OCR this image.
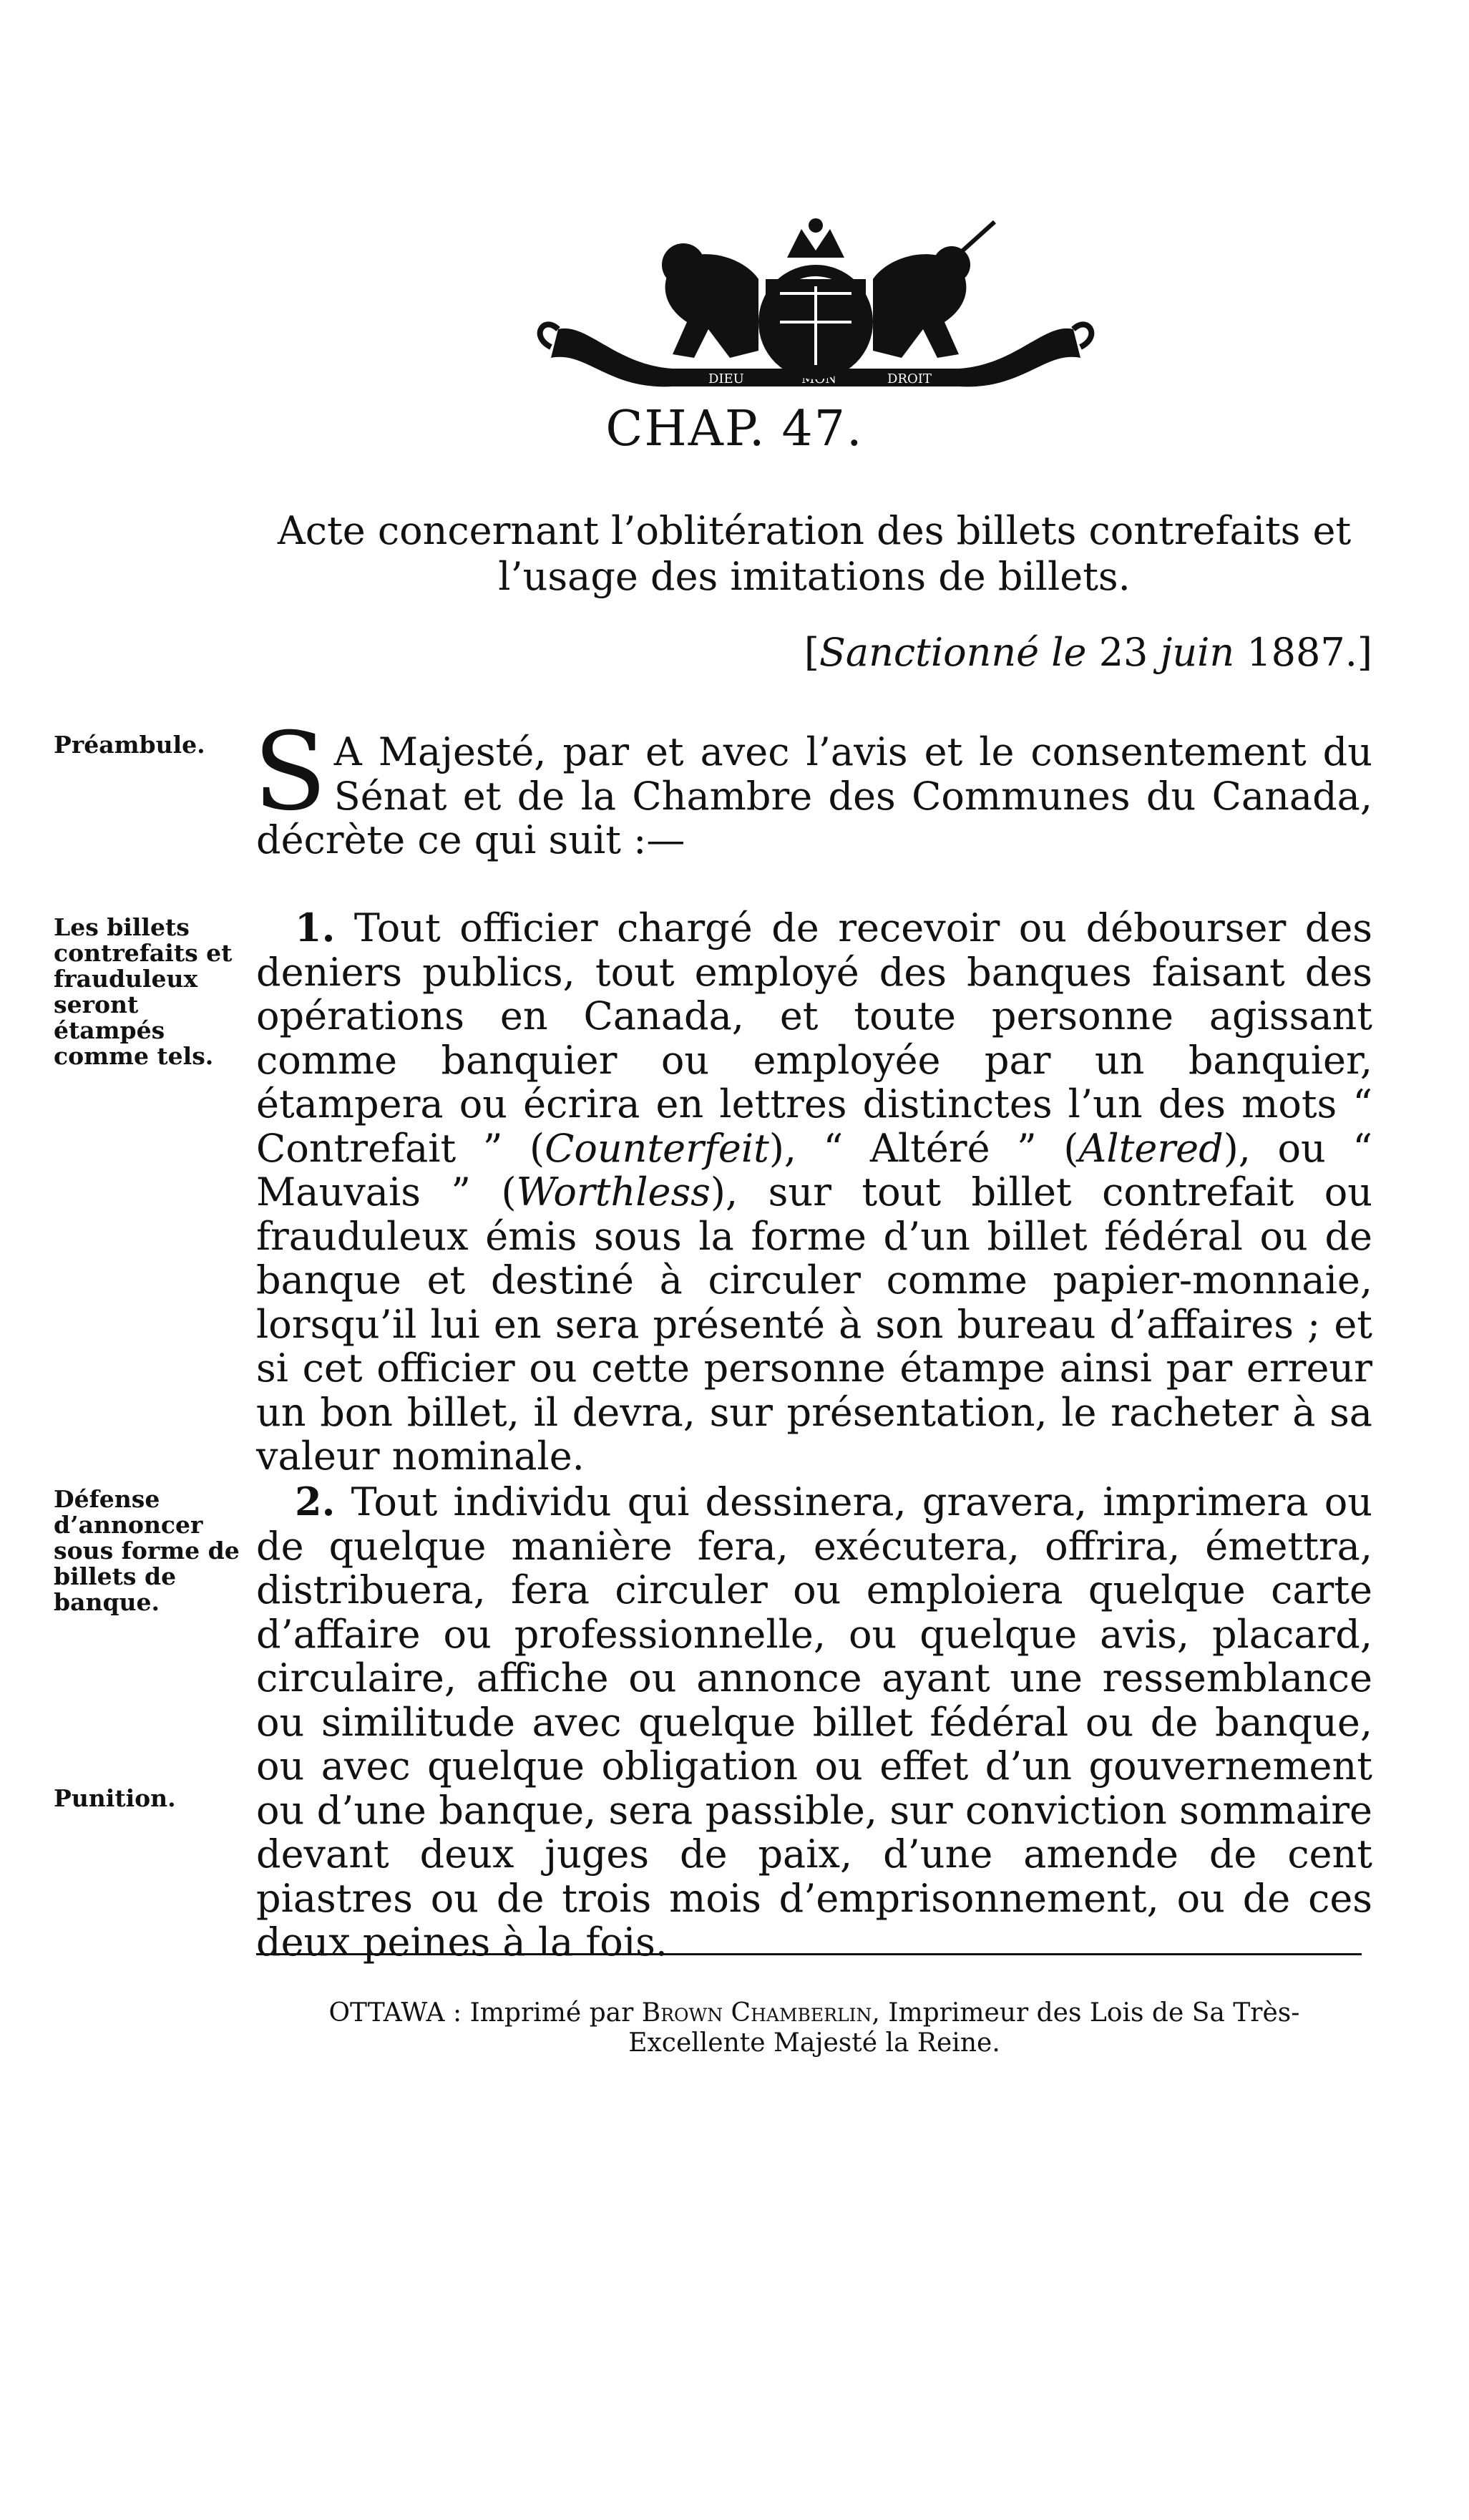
DIEU	MON	DROIT
CHAP. 47.
Acte concernant l’oblitération des billets contrefaits et
l’usage des imitations de billets.
[Sanctionné le 23 juin 1887.]
Préambule.
Les billets contrefaits et frauduleux seront étampés comme tels.
Défense d’annoncer sous forme de billets de banque.
Punition.
S A Majesté, par et avec l’avis et le consentement du Sénat et de la Chambre des Communes du Canada, décrète ce qui suit :—
1. Tout officier chargé de recevoir ou débourser des deniers publics, tout employé des banques faisant des opérations en Canada, et toute personne agissant comme banquier ou employée par un banquier, étampera ou écrira en lettres distinctes l’un des mots “ Contrefait ” (Counterfeit), “ Altéré ” (Altered), ou “ Mauvais ” (Worthless), sur tout billet contrefait ou frauduleux émis sous la forme d’un billet fédéral ou de banque et destiné à circuler comme papier-monnaie, lorsqu’il lui en sera présenté à son bureau d’affaires ; et si cet officier ou cette personne étampe ainsi par erreur un bon billet, il devra, sur présentation, le racheter à sa valeur nominale.
2. Tout individu qui dessinera, gravera, imprimera ou de quelque manière fera, exécutera, offrira, émettra, distribuera, fera circuler ou emploiera quelque carte d’affaire ou professionnelle, ou quelque avis, placard, circulaire, affiche ou annonce ayant une ressemblance ou similitude avec quelque billet fédéral ou de banque, ou avec quelque obligation ou effet d’un gouvernement ou d’une banque, sera passible, sur conviction sommaire devant deux juges de paix, d’une amende de cent piastres ou de trois mois d’emprisonnement, ou de ces deux peines à la fois.
OTTAWA : Imprimé par Brown Chamberlin, Imprimeur des Lois de Sa Très-
Excellente Majesté la Reine.
